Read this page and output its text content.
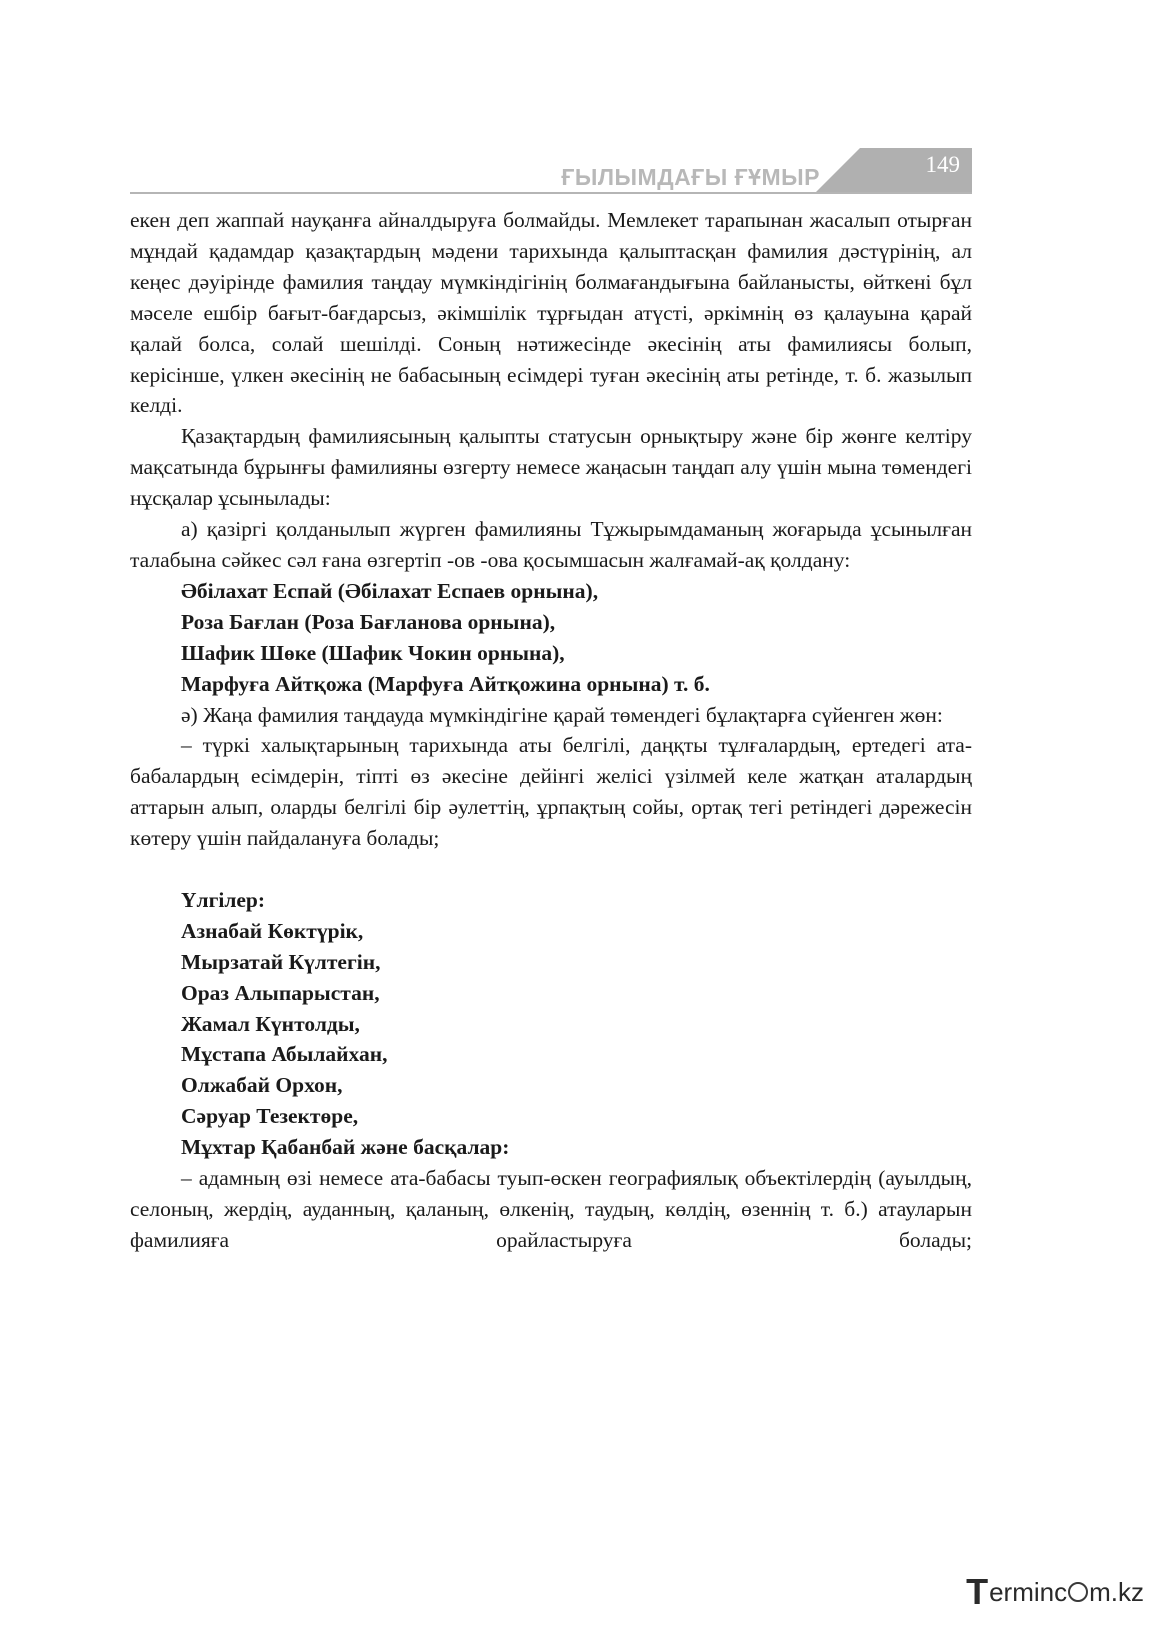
ҒЫЛЫМДАҒЫ ҒҰМЫР	149

екен деп жаппай науқанға айналдыруға болмайды. Мемлекет тарапынан жасалып отырған мұндай қадамдар қазақтардың мәдени тарихында қалыптасқан фамилия дәстүрінің, ал кеңес дәуірінде фамилия таңдау мүмкіндігінің болмағандығына байланысты, өйткені бұл мәселе ешбір бағыт-бағдарсыз, әкімшілік тұрғыдан атүсті, әркімнің өз қалауына қарай қалай болса, солай шешілді. Соның нәтижесінде әкесінің аты фамилиясы болып, керісінше, үлкен әкесінің не бабасының есімдері туған әкесінің аты ретінде, т. б. жазылып келді.

Қазақтардың фамилиясының қалыпты статусын орнықтыру және бір жөнге келтіру мақсатында бұрынғы фамилияны өзгерту немесе жаңасын таңдап алу үшін мына төмендегі нұсқалар ұсынылады:

а) қазіргі қолданылып жүрген фамилияны Тұжырымдаманың жоғарыда ұсынылған талабына сәйкес сәл ғана өзгертіп -ов -ова қосымшасын жалғамай-ақ қолдану:

Әбілахат Еспай (Әбілахат Еспаев орнына),

Роза Бағлан (Роза Бағланова орнына),

Шафик Шөке (Шафик Чокин орнына),

Марфуға Айтқожа (Марфуға Айтқожина орнына) т. б.

ә) Жаңа фамилия таңдауда мүмкіндігіне қарай төмендегі бұлақтарға сүйенген жөн:

– түркі халықтарының тарихында аты белгілі, даңқты тұлғалардың, ертедегі ата-бабалардың есімдерін, тіпті өз әкесіне дейінгі желісі үзілмей келе жатқан аталардың аттарын алып, оларды белгілі бір әулеттің, ұрпақтың сойы, ортақ тегі ретіндегі дәрежесін көтеру үшін пайдалануға болады;

Үлгілер:

Азнабай Көктүрік,

Мырзатай Күлтегін,

Ораз Алыпарыстан,

Жамал Күнтолды,

Мұстапа Абылайхан,

Олжабай Орхон,

Сәруар Тезектөре,

Мұхтар Қабанбай және басқалар:

– адамның өзі немесе ата-бабасы туып-өскен географиялық объектілердің (ауылдың, селоның, жердің, ауданның, қаланың, өлкенің, таудың, көлдің, өзеннің т. б.) атауларын фамилияға орайластыруға болады;

T erminc m.kz
